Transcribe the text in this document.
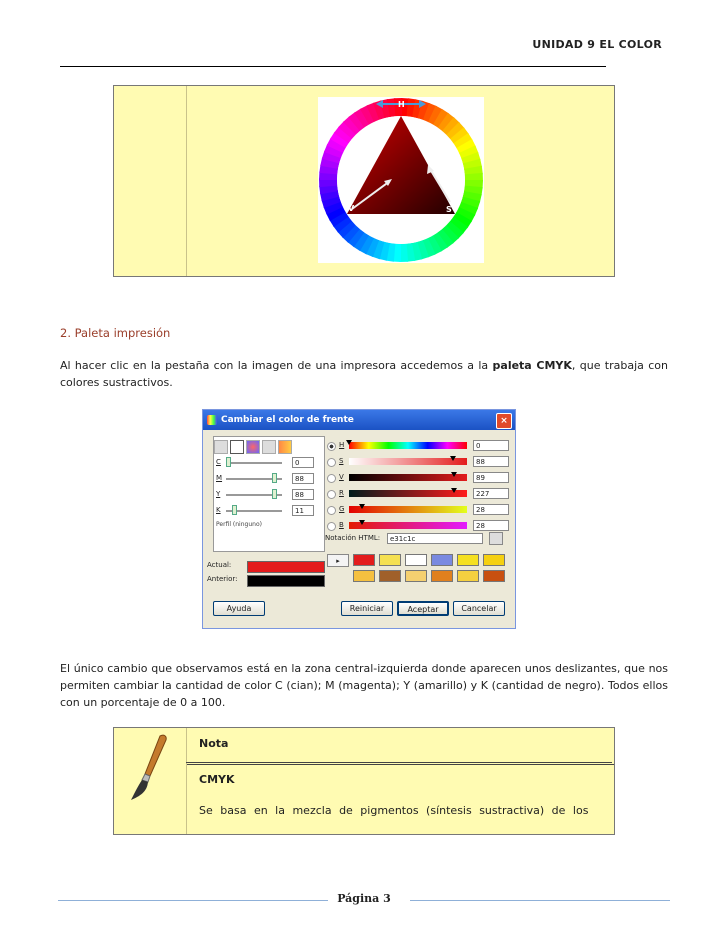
UNIDAD 9 EL COLOR
H
V	S
2. Paleta impresión
Al hacer clic en la pestaña con la imagen de una impresora accedemos a la paleta CMYK, que trabaja con colores sustractivos.
Cambiar el color de frente	×
C	0
M	88
Y	88
K	11
Perfil (ninguno)
Actual:
Anterior:
H	0
S	88
V	89
R	227
G	28
B	28
Notación HTML:	e31c1c
▸
Ayuda	Reiniciar	Aceptar	Cancelar
El único cambio que observamos está en la zona central-izquierda donde aparecen unos deslizantes, que nos permiten cambiar la cantidad de color C (cian); M (magenta); Y (amarillo) y K (cantidad de negro). Todos ellos con un porcentaje de 0 a 100.
Nota
CMYK
Se basa en la mezcla de pigmentos (síntesis sustractiva) de los
Página 3
